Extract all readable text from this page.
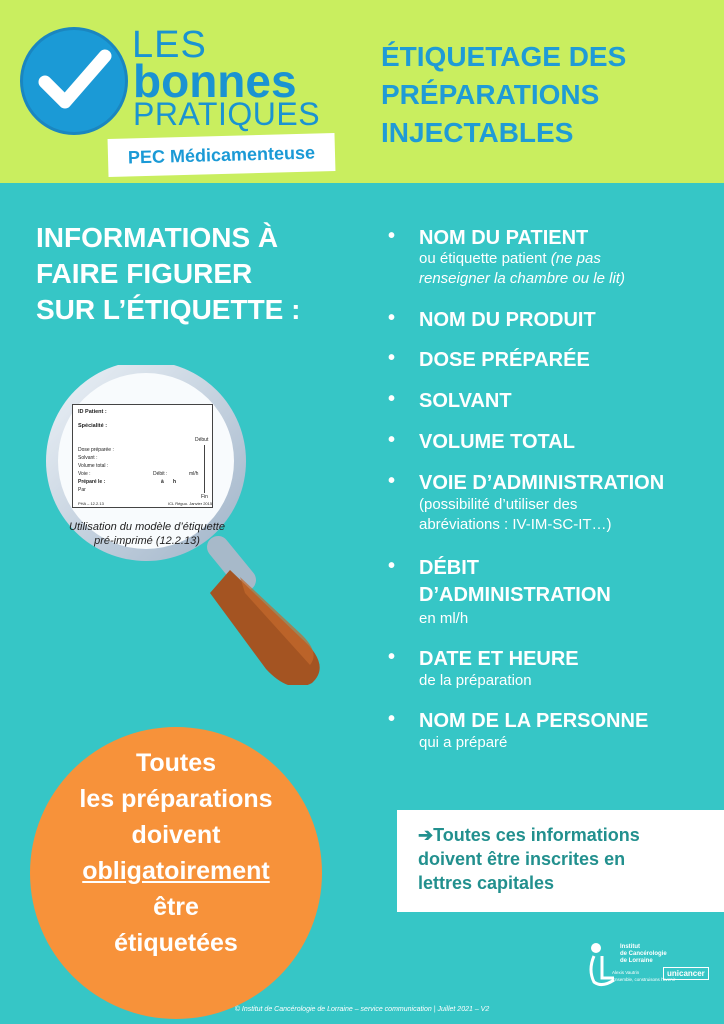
LES
bonnes
PRATIQUES
PEC Médicamenteuse
ÉTIQUETAGE DES
PRÉPARATIONS
INJECTABLES
INFORMATIONS À
FAIRE FIGURER
SUR L’ÉTIQUETTE :
• NOM DU PATIENT
ou étiquette patient (ne pas
renseigner la chambre ou le lit)
• NOM DU PRODUIT
• DOSE PRÉPARÉE
• SOLVANT
• VOLUME TOTAL
• VOIE D’ADMINISTRATION
(possibilité d’utiliser des
abréviations : IV-IM-SC-IT…)
• DÉBIT
D’ADMINISTRATION
en ml/h
• DATE ET HEURE
de la préparation
• NOM DE LA PERSONNE
qui a préparé
ID Patient :
Spécialité :
Début
Dose préparée :
Solvant :
Volume total :
Voie :	Débit :	ml/h
Préparé le :	à h
Par
Fin
PHA – 12.2.13	ICL Réguo. Janvier 2015
Utilisation du modèle d’étiquette
pré-imprimé (12.2.13)
Toutes
les préparations
doivent
obligatoirement
être
étiquetées
➔Toutes ces informations
doivent être inscrites en
lettres capitales
Institut
de Cancérologie
de Lorraine
Alexis Vautrin
Ensemble, construisons l’avenir
unicancer
© Institut de Cancérologie de Lorraine – service communication | Juillet 2021 – V2
